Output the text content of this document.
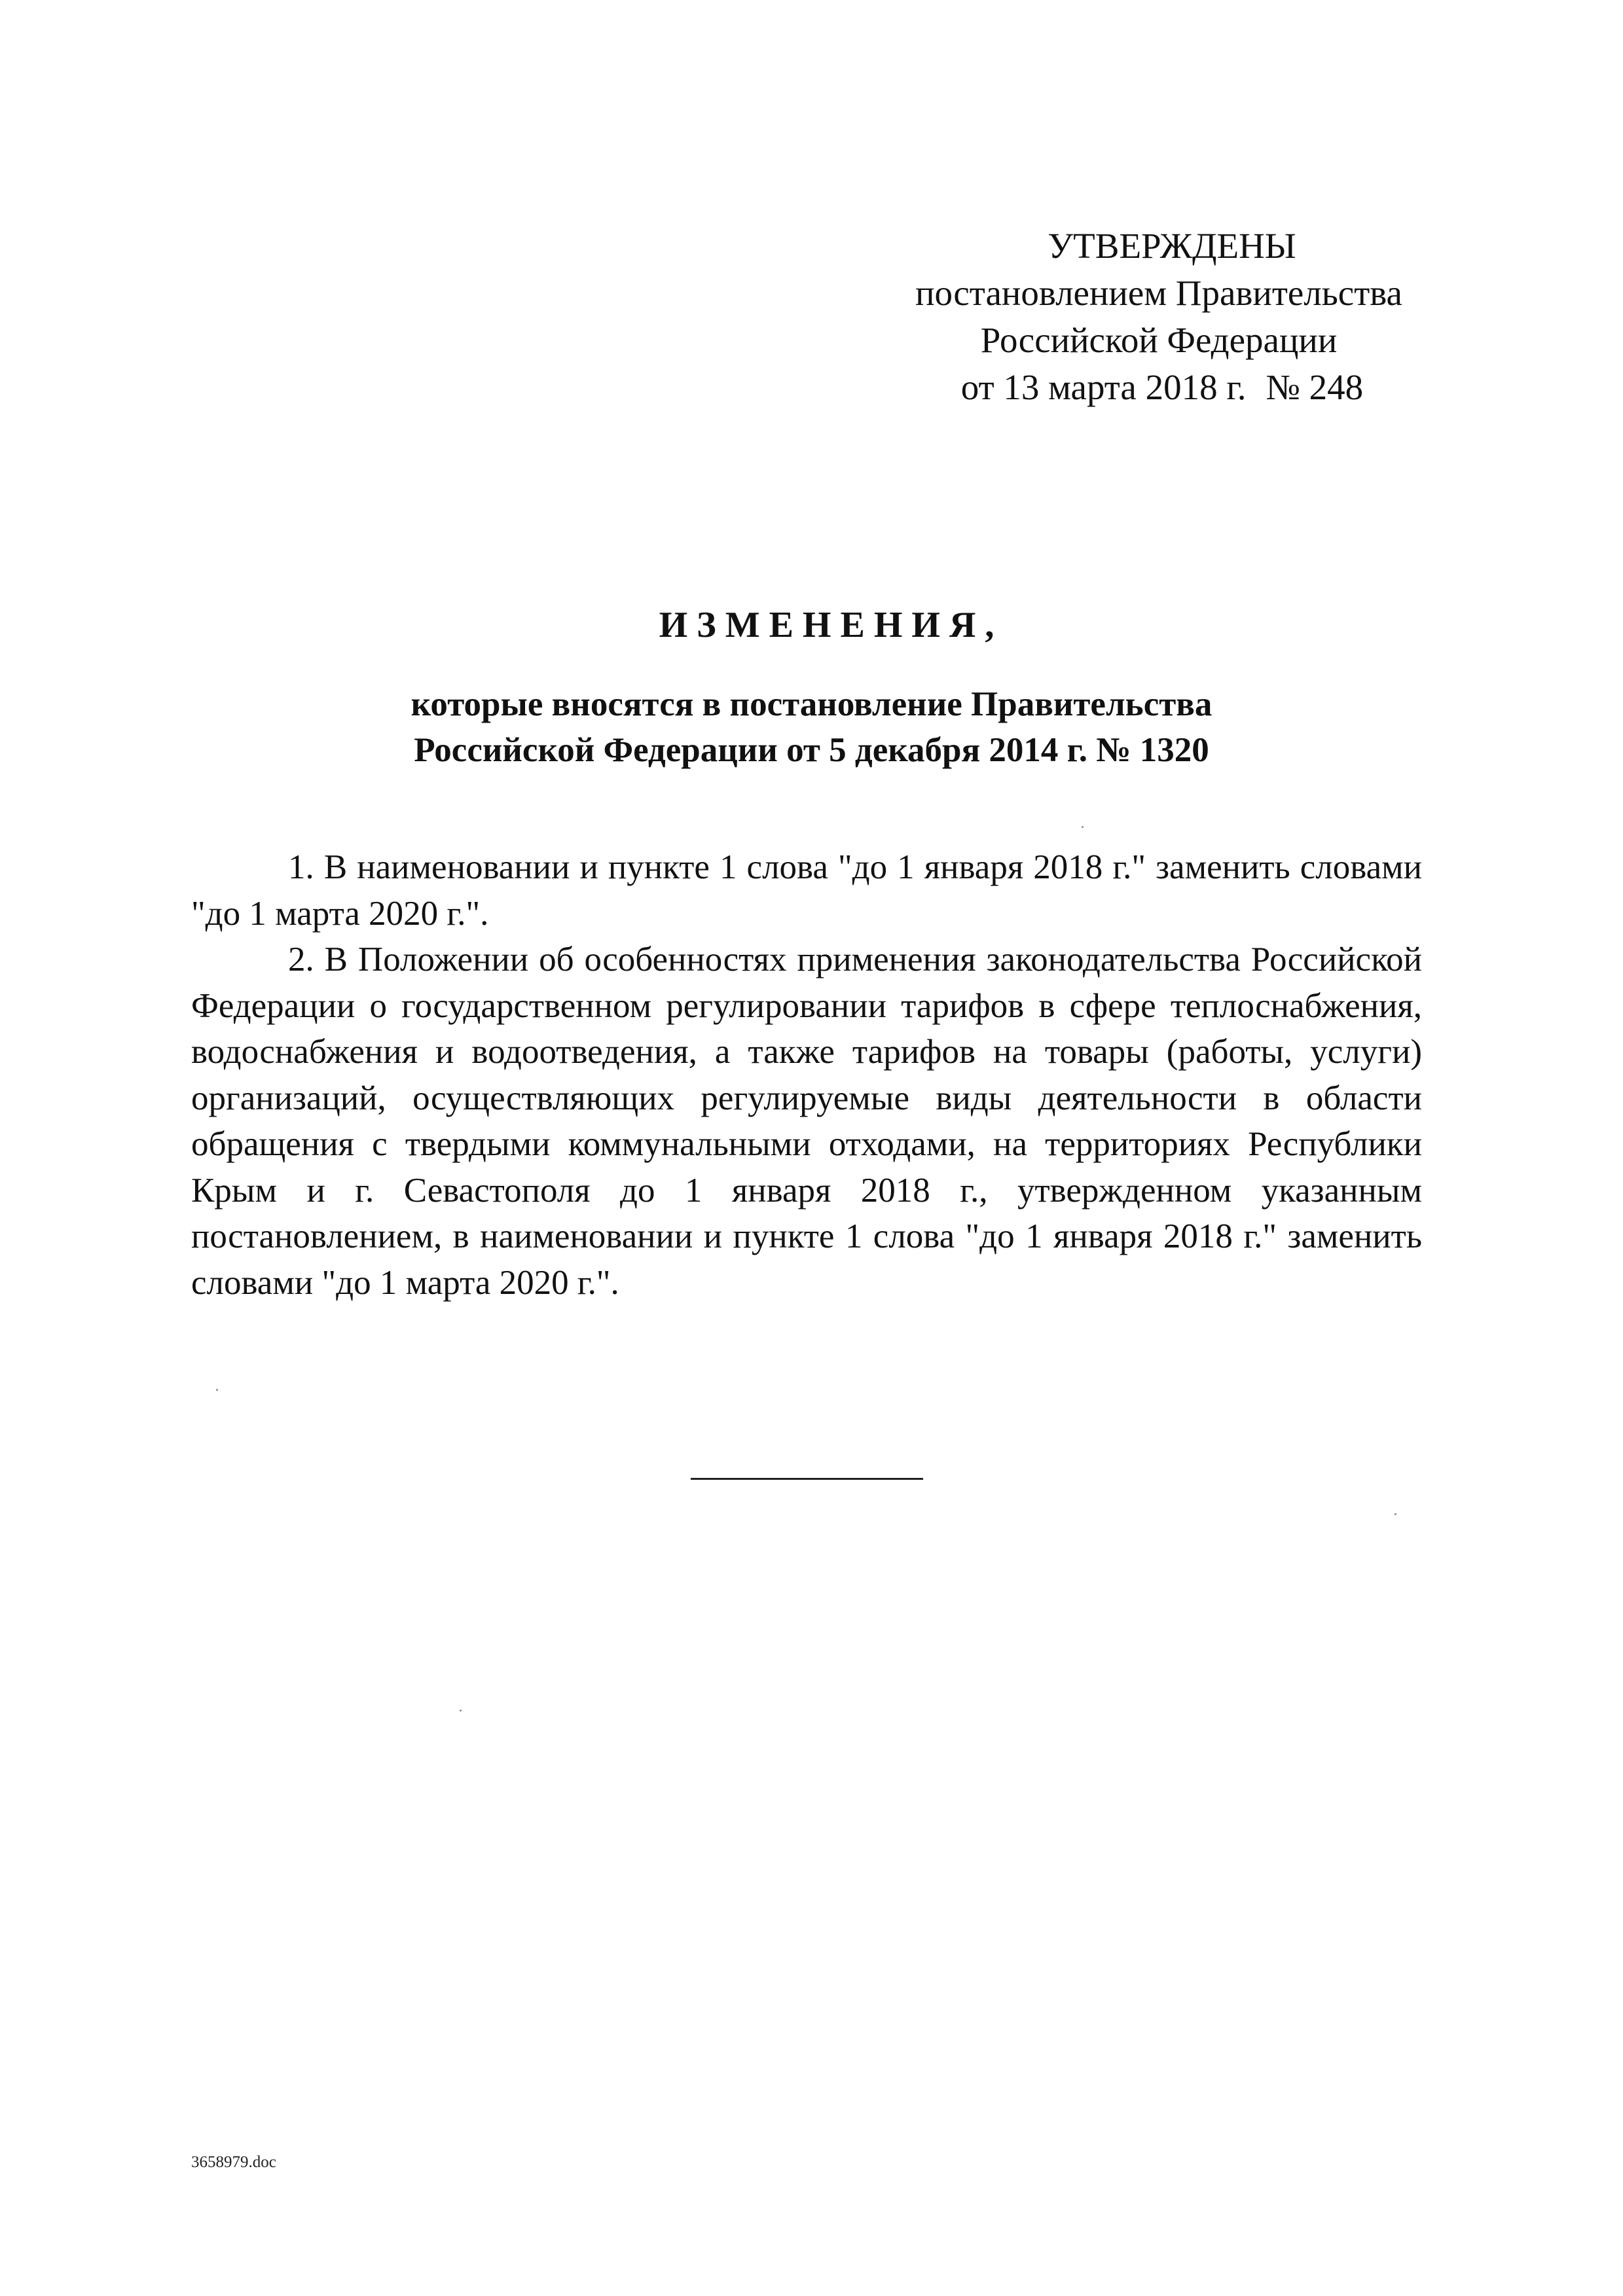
УТВЕРЖДЕНЫ
постановлением Правительства
Российской Федерации
от 13 марта 2018 г. № 248
ИЗМЕНЕНИЯ,
которые вносятся в постановление Правительства
Российской Федерации от 5 декабря 2014 г. № 1320

1. В наименовании и пункте 1 слова "до 1 января 2018 г." заменить словами "до 1 марта 2020 г.".

2. В Положении об особенностях применения законодательства Российской Федерации о государственном регулировании тарифов в сфере теплоснабжения, водоснабжения и водоотведения, а также тарифов на товары (работы, услуги) организаций, осуществляющих регулируемые виды деятельности в области обращения с твердыми коммунальными отходами, на территориях Республики Крым и г. Севастополя до 1 января 2018 г., утвержденном указанным постановлением, в наименовании и пункте 1 слова "до 1 января 2018 г." заменить словами "до 1 марта 2020 г.".

3658979.doc
